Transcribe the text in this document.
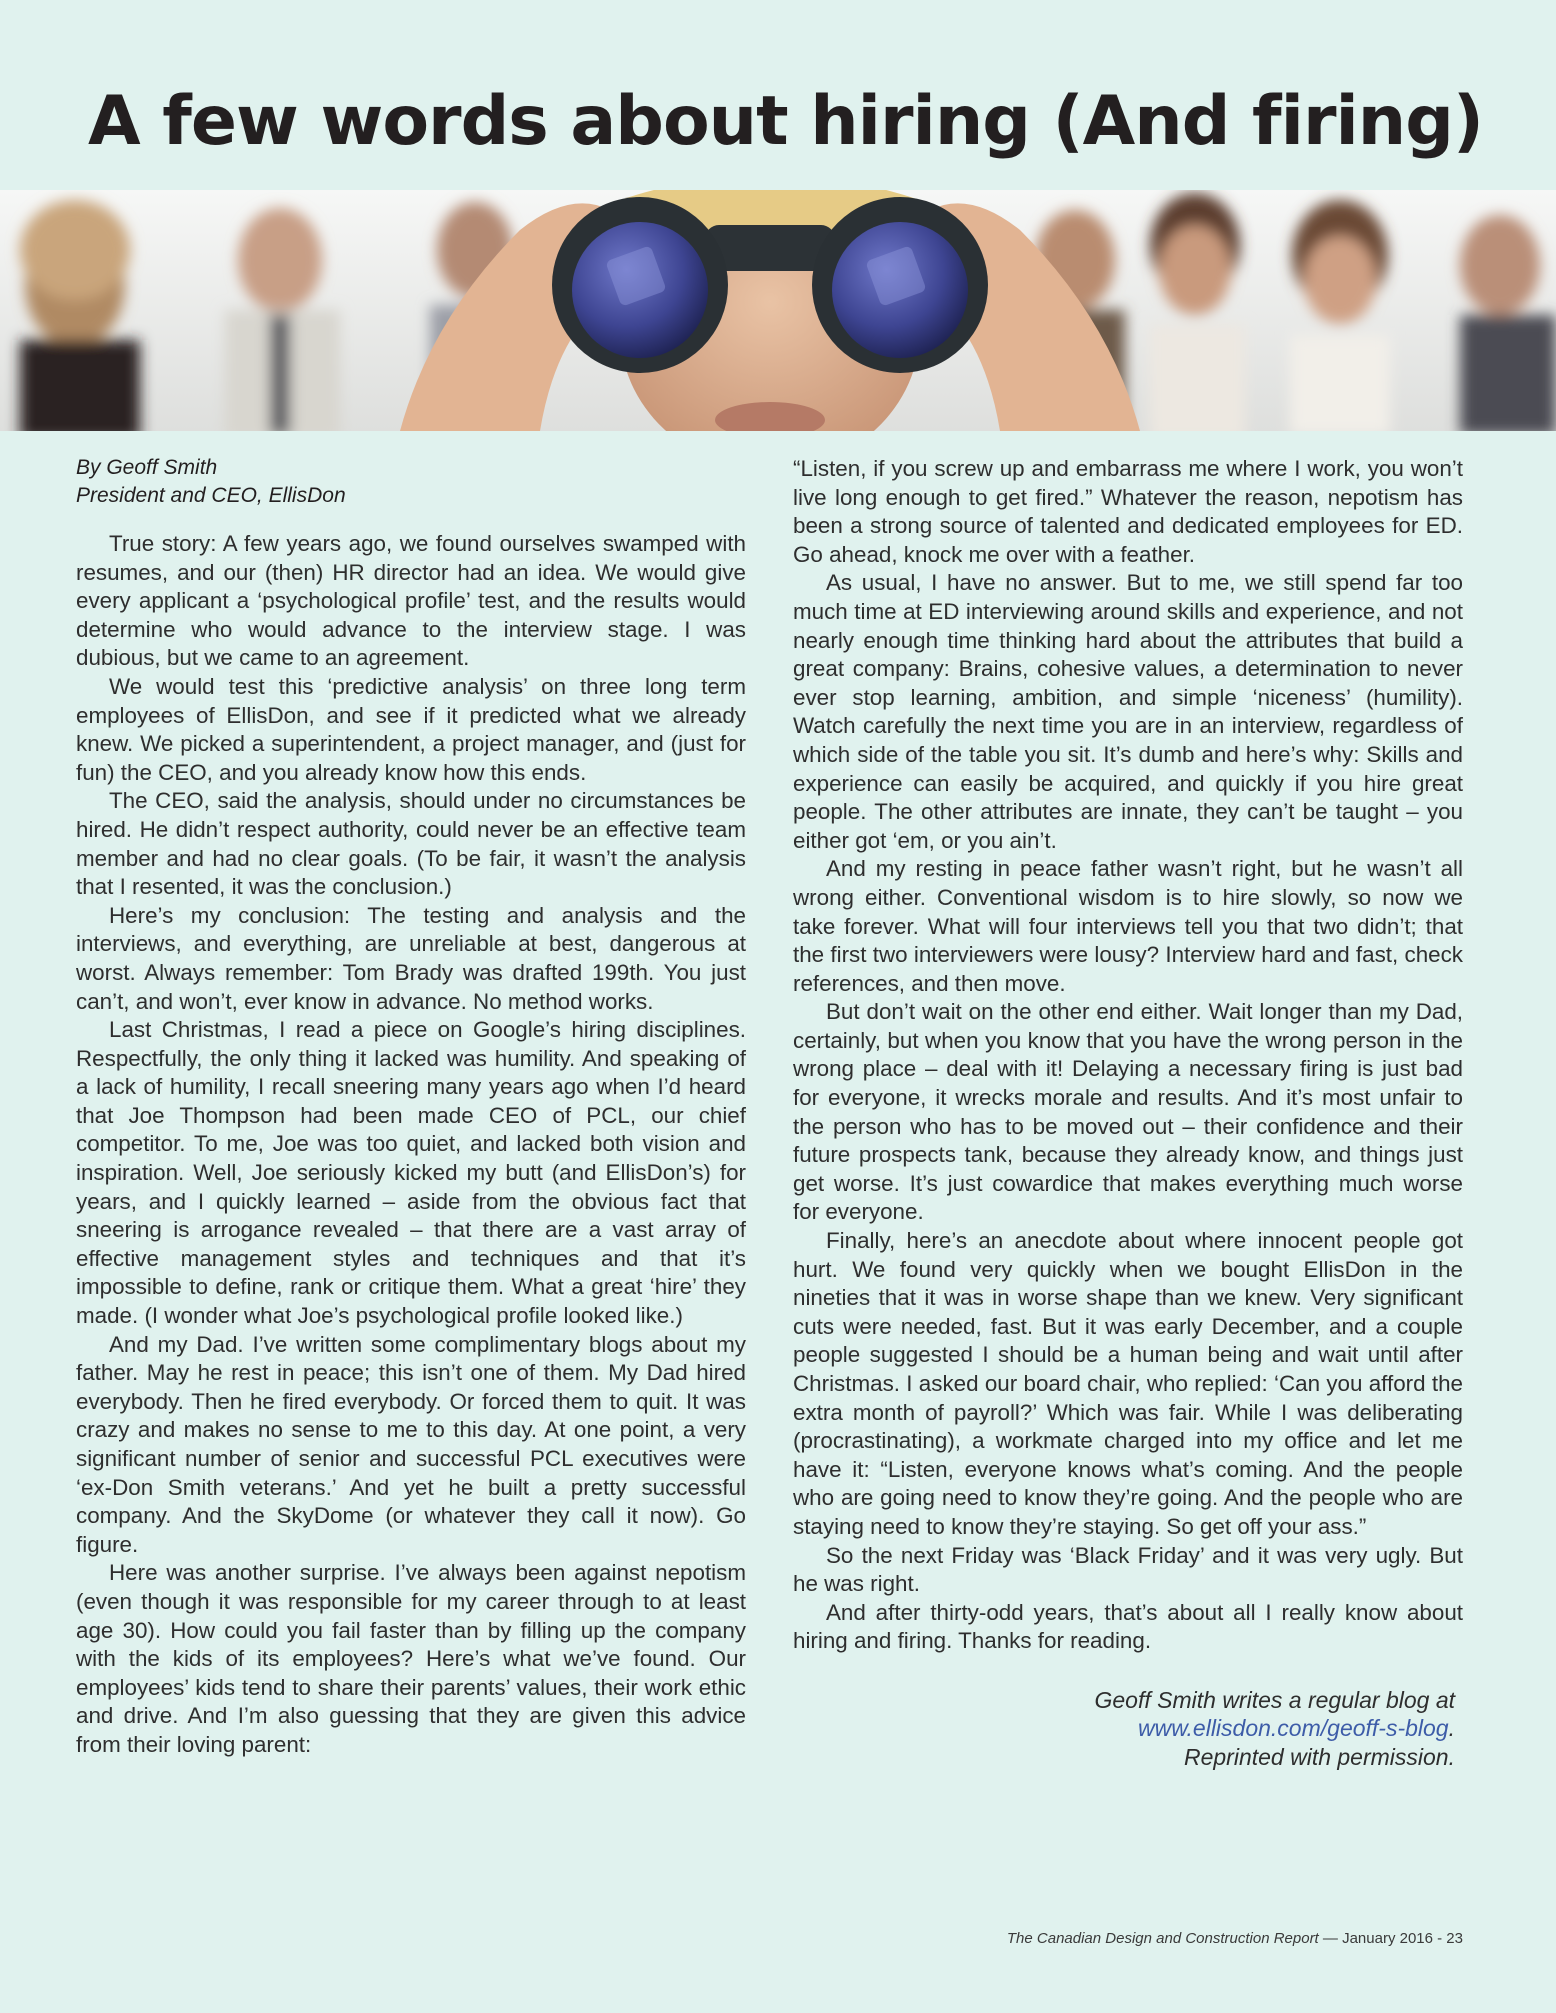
A few words about hiring (And firing)
By Geoff Smith
President and CEO, EllisDon

True story: A few years ago, we found ourselves swamped with resumes, and our (then) HR director had an idea. We would give every applicant a ‘psychological profile’ test, and the results would determine who would advance to the interview stage. I was dubious, but we came to an agreement.

We would test this ‘predictive analysis’ on three long term employees of EllisDon, and see if it predicted what we already knew. We picked a superintendent, a project manager, and (just for fun) the CEO, and you already know how this ends.

The CEO, said the analysis, should under no circumstances be hired. He didn’t respect authority, could never be an effective team member and had no clear goals. (To be fair, it wasn’t the analysis that I resented, it was the conclusion.)

Here’s my conclusion: The testing and analysis and the interviews, and everything, are unreliable at best, dangerous at worst. Always remember: Tom Brady was drafted 199th. You just can’t, and won’t, ever know in advance. No method works.

Last Christmas, I read a piece on Google’s hiring disciplines. Respectfully, the only thing it lacked was humility. And speaking of a lack of humility, I recall sneering many years ago when I’d heard that Joe Thompson had been made CEO of PCL, our chief competitor. To me, Joe was too quiet, and lacked both vision and inspiration. Well, Joe seriously kicked my butt (and EllisDon’s) for years, and I quickly learned – aside from the obvious fact that sneering is arrogance revealed – that there are a vast array of effective management styles and techniques and that it’s impossible to define, rank or critique them. What a great ‘hire’ they made. (I wonder what Joe’s psychological profile looked like.)

And my Dad. I’ve written some complimentary blogs about my father. May he rest in peace; this isn’t one of them. My Dad hired everybody. Then he fired everybody. Or forced them to quit. It was crazy and makes no sense to me to this day. At one point, a very significant number of senior and successful PCL executives were ‘ex-Don Smith veterans.’ And yet he built a pretty successful company. And the SkyDome (or whatever they call it now). Go figure.

Here was another surprise. I’ve always been against nepotism (even though it was responsible for my career through to at least age 30). How could you fail faster than by filling up the company with the kids of its employees? Here’s what we’ve found. Our employees’ kids tend to share their parents’ values, their work ethic and drive. And I’m also guessing that they are given this advice from their loving parent:

“Listen, if you screw up and embarrass me where I work, you won’t live long enough to get fired.” Whatever the reason, nepotism has been a strong source of talented and dedicated employees for ED. Go ahead, knock me over with a feather.

As usual, I have no answer. But to me, we still spend far too much time at ED interviewing around skills and experience, and not nearly enough time thinking hard about the attributes that build a great company: Brains, cohesive values, a determination to never ever stop learning, ambition, and simple ‘niceness’ (humility). Watch carefully the next time you are in an interview, regardless of which side of the table you sit. It’s dumb and here’s why: Skills and experience can easily be acquired, and quickly if you hire great people. The other attributes are innate, they can’t be taught – you either got ‘em, or you ain’t.

And my resting in peace father wasn’t right, but he wasn’t all wrong either. Conventional wisdom is to hire slowly, so now we take forever. What will four interviews tell you that two didn’t; that the first two interviewers were lousy? Interview hard and fast, check references, and then move.

But don’t wait on the other end either. Wait longer than my Dad, certainly, but when you know that you have the wrong person in the wrong place – deal with it! Delaying a necessary firing is just bad for everyone, it wrecks morale and results. And it’s most unfair to the person who has to be moved out – their confidence and their future prospects tank, because they already know, and things just get worse. It’s just cowardice that makes everything much worse for everyone.

Finally, here’s an anecdote about where innocent people got hurt. We found very quickly when we bought EllisDon in the nineties that it was in worse shape than we knew. Very significant cuts were needed, fast. But it was early December, and a couple people suggested I should be a human being and wait until after Christmas. I asked our board chair, who replied: ‘Can you afford the extra month of payroll?’ Which was fair. While I was deliberating (procrastinating), a workmate charged into my office and let me have it: “Listen, everyone knows what’s coming. And the people who are going need to know they’re going. And the people who are staying need to know they’re staying. So get off your ass.”

So the next Friday was ‘Black Friday’ and it was very ugly. But he was right.

And after thirty-odd years, that’s about all I really know about hiring and firing. Thanks for reading.

Geoff Smith writes a regular blog at
www.ellisdon.com/geoff-s-blog.
Reprinted with permission.
The Canadian Design and Construction Report — January 2016 - 23
